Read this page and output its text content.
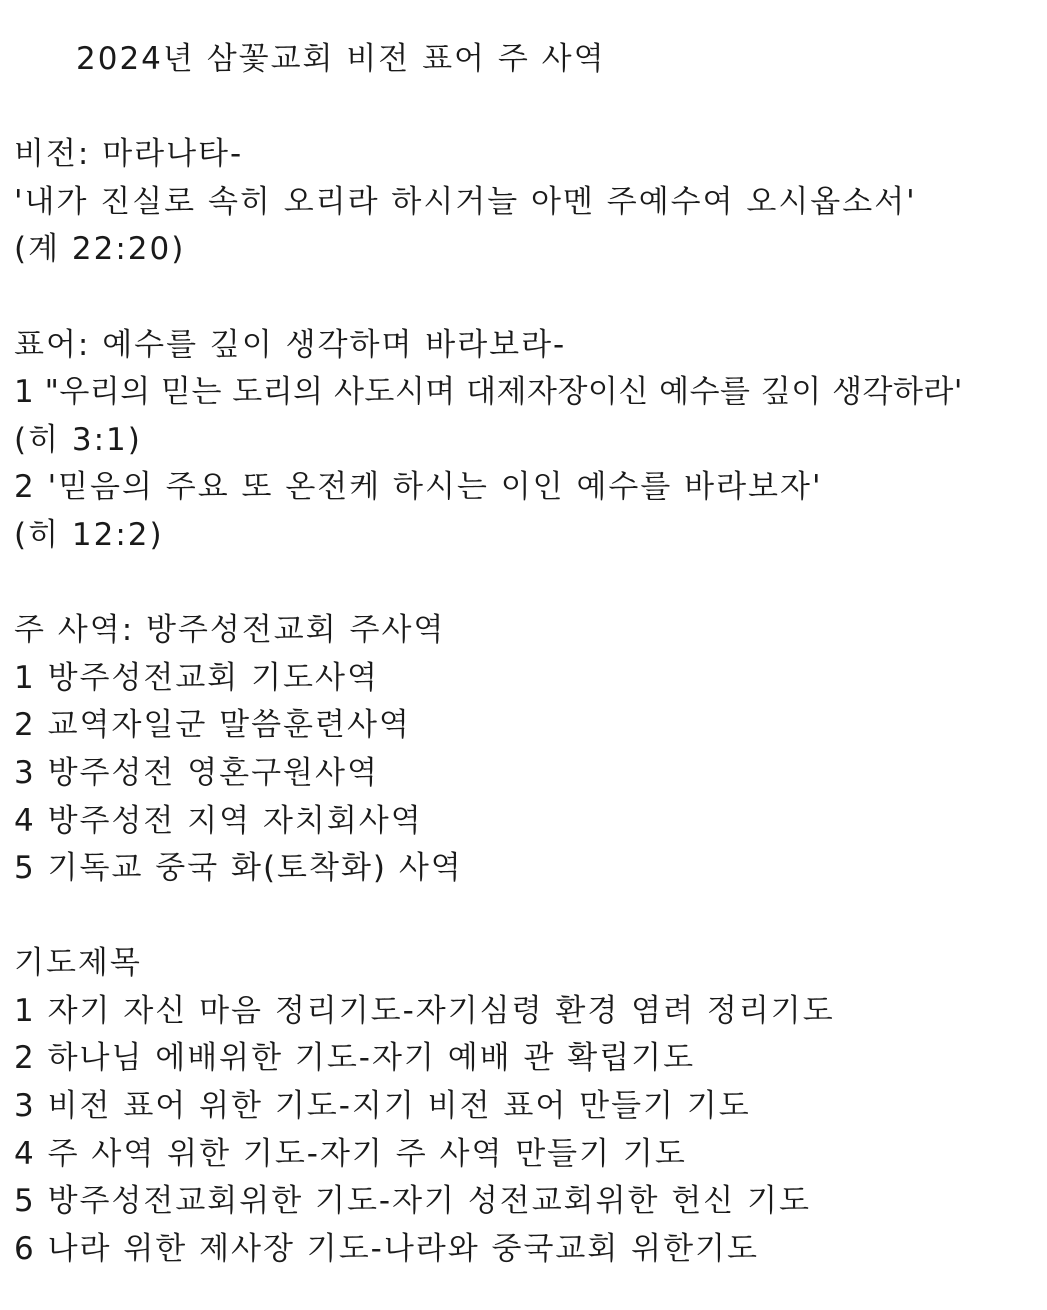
2024년 삼꽃교회 비전 표어 주 사역
비전: 마라나타-
'내가 진실로 속히 오리라 하시거늘 아멘 주예수여 오시옵소서'
(계 22:20)
표어: 예수를 깊이 생각하며 바라보라-
1 "우리의 믿는 도리의 사도시며 대제자장이신 예수를 깊이 생각하라'
(히 3:1)
2 '믿음의 주요 또 온전케 하시는 이인 예수를 바라보자'
(히 12:2)
주 사역: 방주성전교회 주사역
1 방주성전교회 기도사역
2 교역자일군 말씀훈련사역
3 방주성전 영혼구원사역
4 방주성전 지역 자치회사역
5 기독교 중국 화(토착화) 사역
기도제목
1 자기 자신 마음 정리기도-자기심령 환경 염려 정리기도
2 하나님 에배위한 기도-자기 예배 관 확립기도
3 비전 표어 위한 기도-지기 비전 표어 만들기 기도
4 주 사역 위한 기도-자기 주 사역 만들기 기도
5 방주성전교회위한 기도-자기 성전교회위한 헌신 기도
6 나라 위한 제사장 기도-나라와 중국교회 위한기도
